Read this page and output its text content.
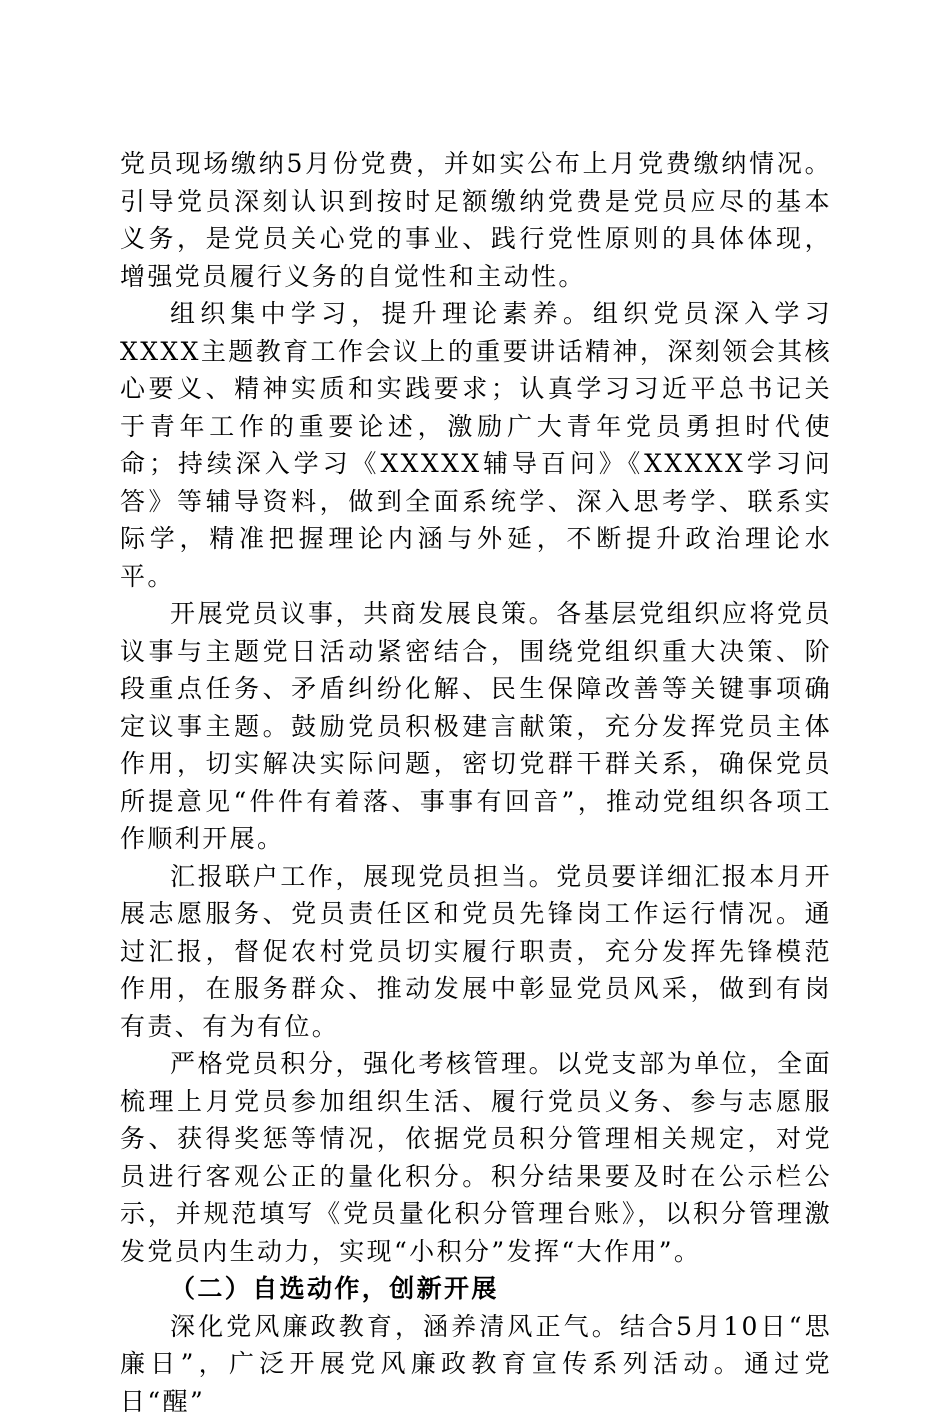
党员现场缴纳5月份党费，并如实公布上月党费缴纳情况。引导党员深刻认识到按时足额缴纳党费是党员应尽的基本义务，是党员关心党的事业、践行党性原则的具体体现，增强党员履行义务的自觉性和主动性。

组织集中学习，提升理论素养。组织党员深入学习XXXX主题教育工作会议上的重要讲话精神，深刻领会其核心要义、精神实质和实践要求；认真学习习近平总书记关于青年工作的重要论述，激励广大青年党员勇担时代使命；持续深入学习《XXXXX辅导百问》《XXXXX学习问答》等辅导资料，做到全面系统学、深入思考学、联系实际学，精准把握理论内涵与外延，不断提升政治理论水平。

开展党员议事，共商发展良策。各基层党组织应将党员议事与主题党日活动紧密结合，围绕党组织重大决策、阶段重点任务、矛盾纠纷化解、民生保障改善等关键事项确定议事主题。鼓励党员积极建言献策，充分发挥党员主体作用，切实解决实际问题，密切党群干群关系，确保党员所提意见“件件有着落、事事有回音”，推动党组织各项工作顺利开展。

汇报联户工作，展现党员担当。党员要详细汇报本月开展志愿服务、党员责任区和党员先锋岗工作运行情况。通过汇报，督促农村党员切实履行职责，充分发挥先锋模范作用，在服务群众、推动发展中彰显党员风采，做到有岗有责、有为有位。

严格党员积分，强化考核管理。以党支部为单位，全面梳理上月党员参加组织生活、履行党员义务、参与志愿服务、获得奖惩等情况，依据党员积分管理相关规定，对党员进行客观公正的量化积分。积分结果要及时在公示栏公示，并规范填写《党员量化积分管理台账》，以积分管理激发党员内生动力，实现“小积分”发挥“大作用”。

（二）自选动作，创新开展

深化党风廉政教育，涵养清风正气。结合5月10日“思廉日”，广泛开展党风廉政教育宣传系列活动。通过党日“醒”
